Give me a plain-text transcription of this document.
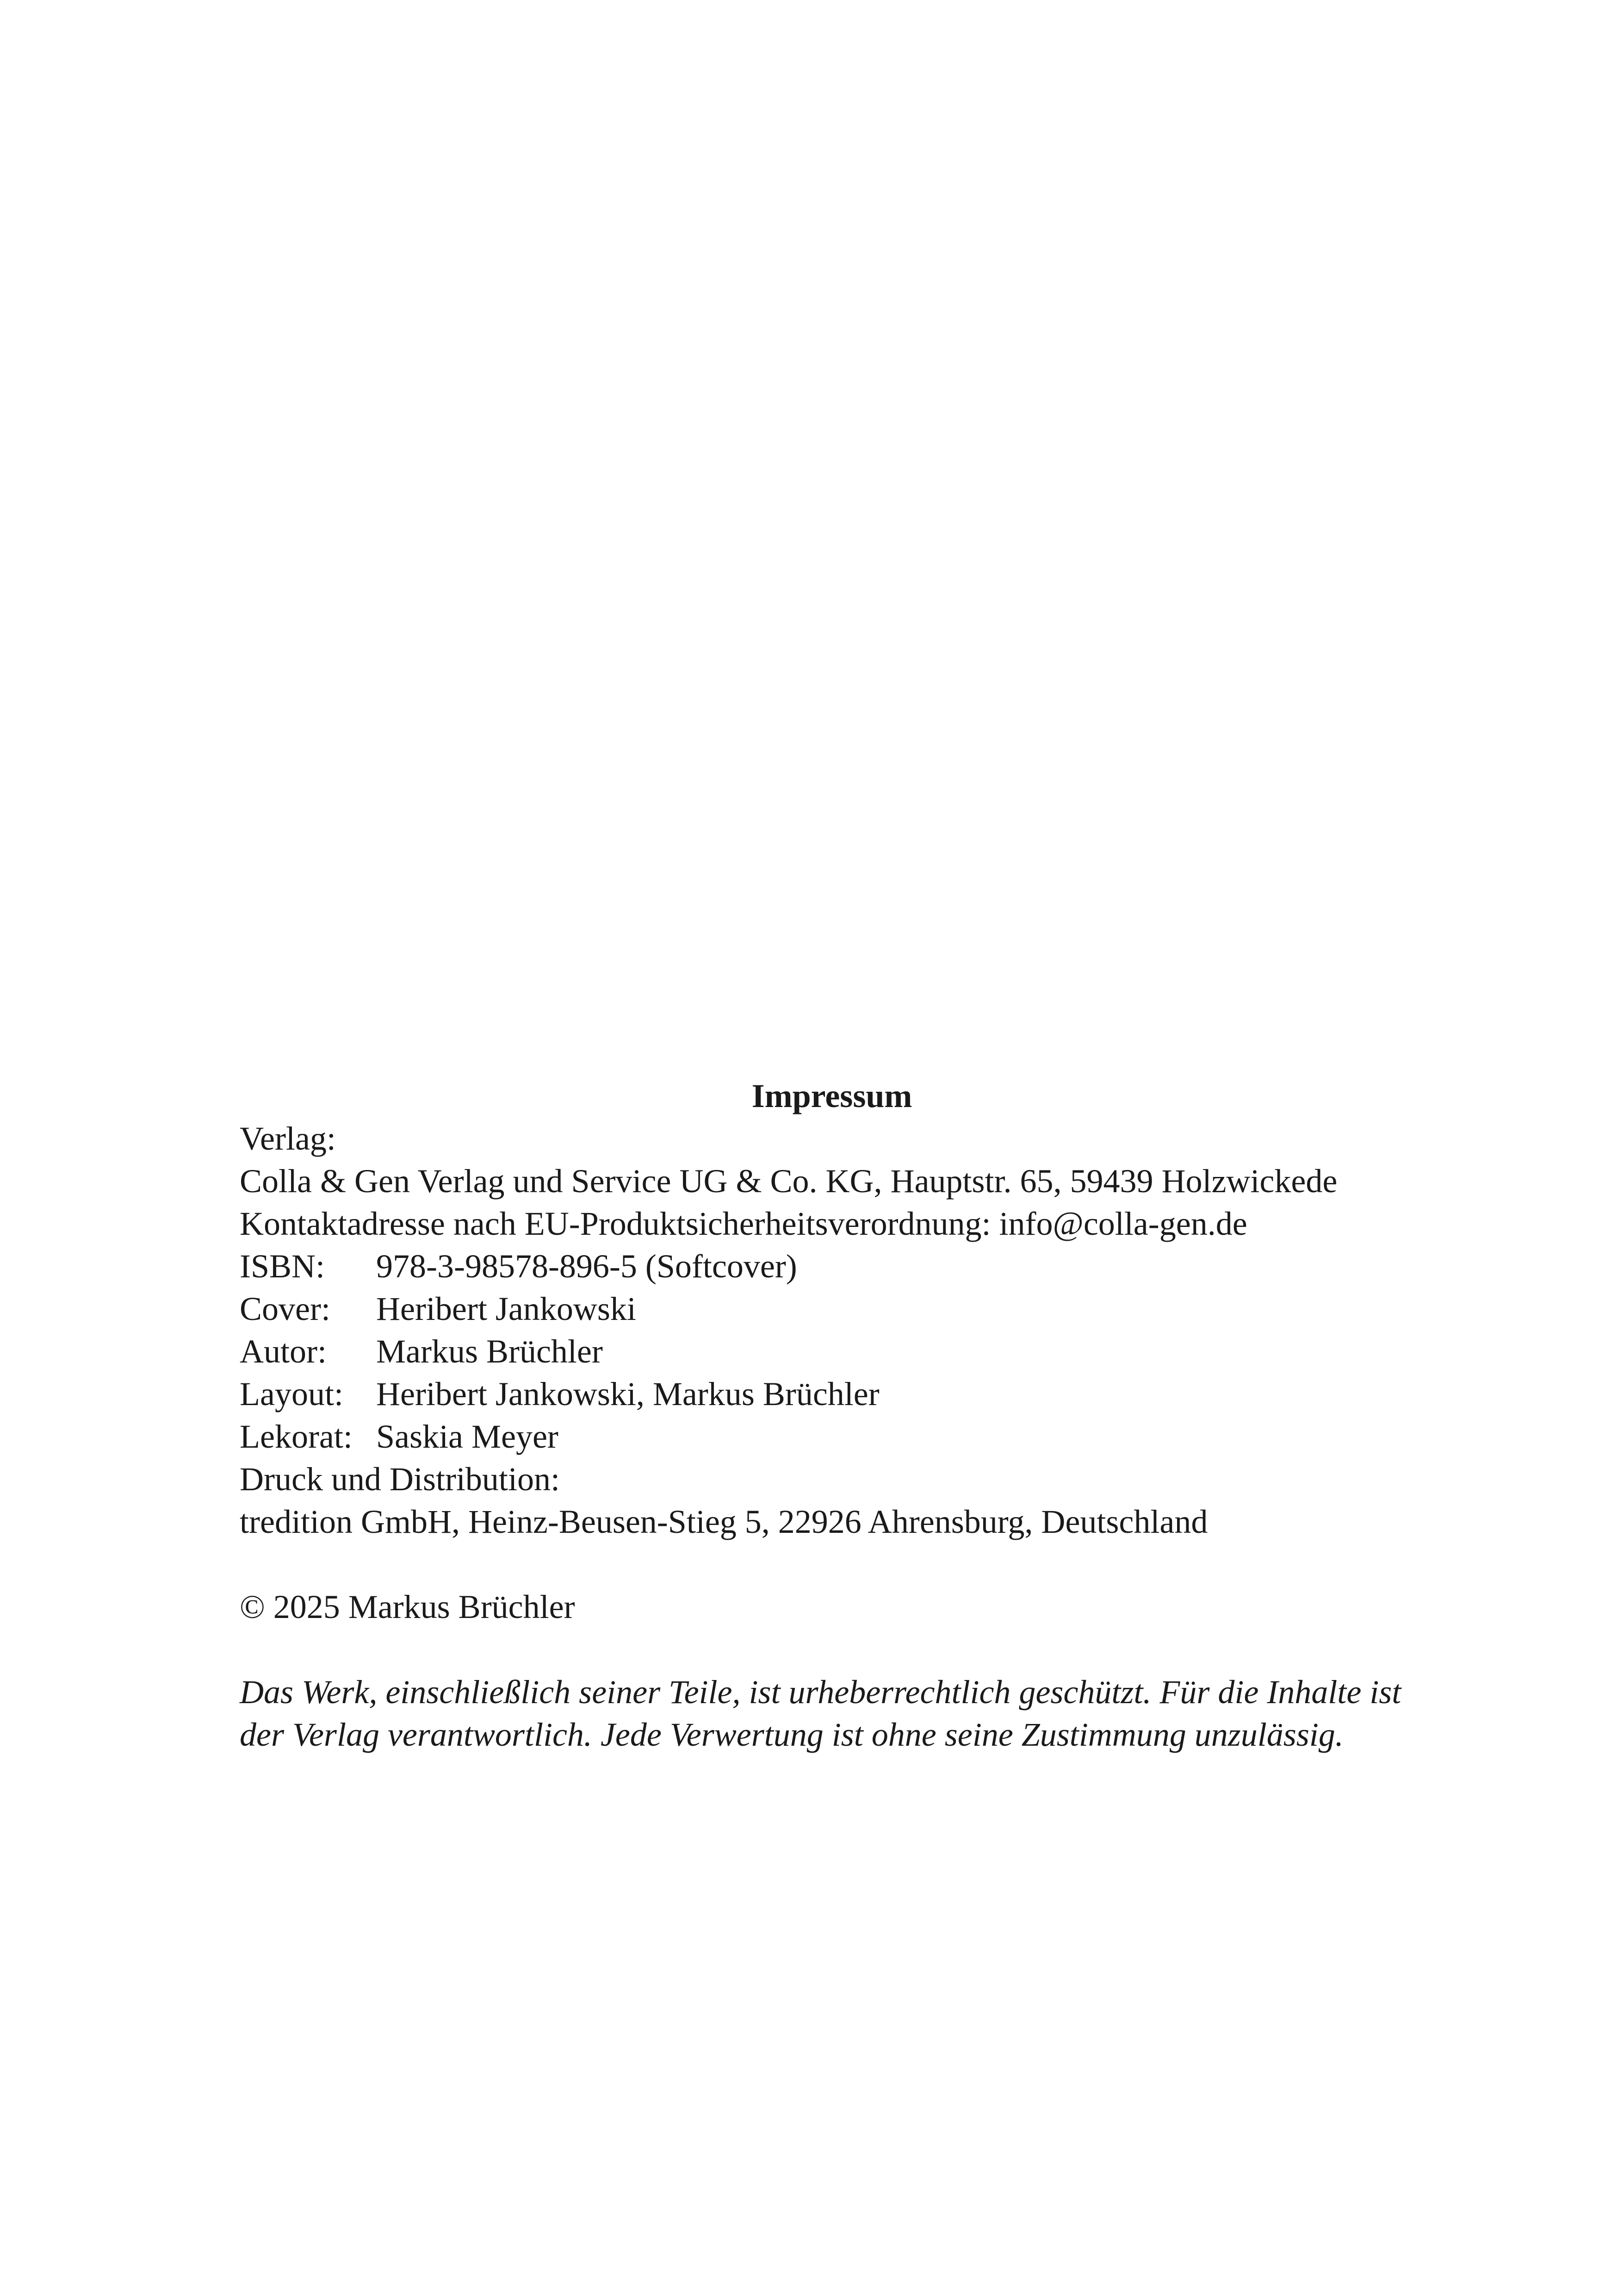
Impressum

Verlag:

Colla & Gen Verlag und Service UG & Co. KG, Hauptstr. 65, 59439 Holzwickede

Kontaktadresse nach EU-Produktsicherheitsverordnung: info@colla-gen.de

ISBN:	978-3-98578-896-5 (Softcover)
Cover:	Heribert Jankowski
Autor:	Markus Brüchler
Layout: Heribert Jankowski, Markus Brüchler
Lekorat: Saskia Meyer

Druck und Distribution:

tredition GmbH, Heinz-Beusen-Stieg 5, 22926 Ahrensburg, Deutschland

© 2025 Markus Brüchler

Das Werk, einschließlich seiner Teile, ist urheberrechtlich geschützt. Für die Inhalte ist

der Verlag verantwortlich. Jede Verwertung ist ohne seine Zustimmung unzulässig.
